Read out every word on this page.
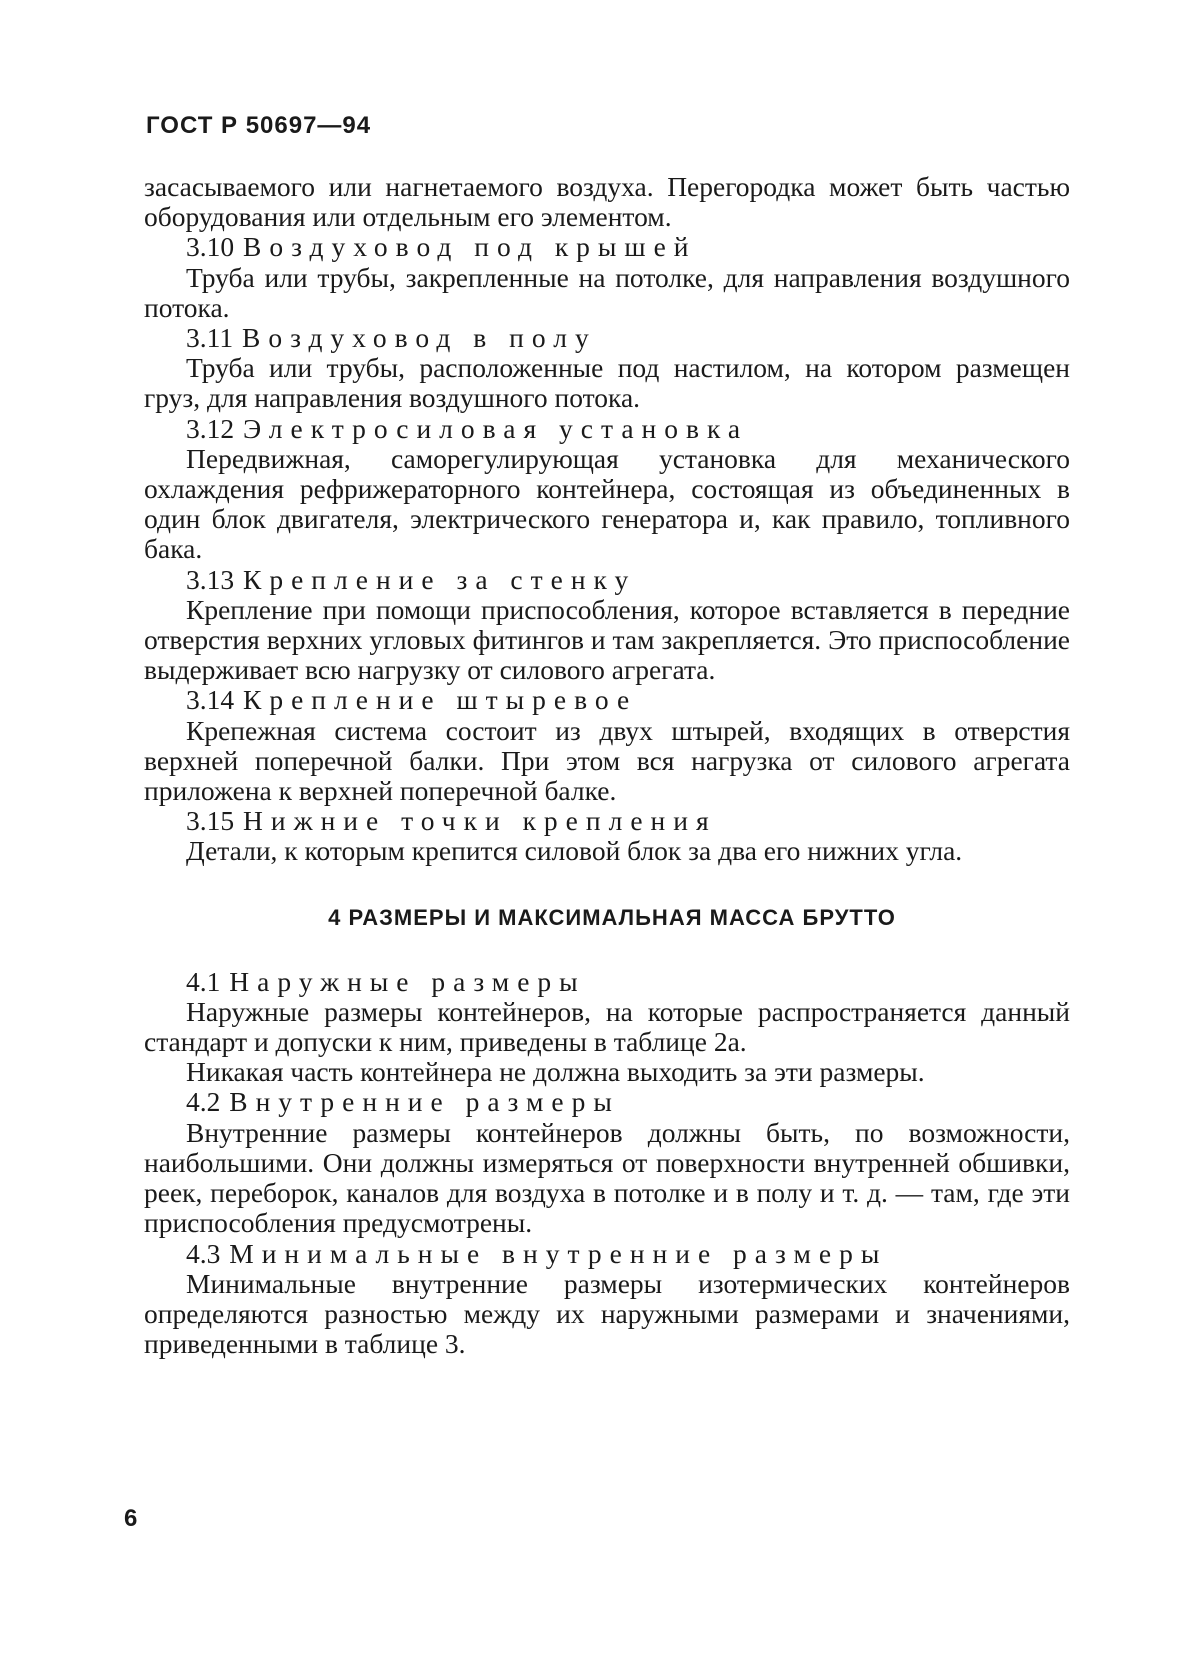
ГОСТ Р 50697—94

засасываемого или нагнетаемого воздуха. Перегородка может быть частью оборудования или отдельным его элементом.

3.10 Воздуховод под крышей

Труба или трубы, закрепленные на потолке, для направления воздушного потока.

3.11 Воздуховод в полу

Труба или трубы, расположенные под настилом, на котором размещен груз, для направления воздушного потока.

3.12 Электросиловая установка

Передвижная, саморегулирующая установка для механического охлаждения рефрижераторного контейнера, состоящая из объединенных в один блок двигателя, электрического генератора и, как правило, топливного бака.

3.13 Крепление за стенку

Крепление при помощи приспособления, которое вставляется в передние отверстия верхних угловых фитингов и там закрепляется. Это приспособление выдерживает всю нагрузку от силового агрегата.

3.14 Крепление штыревое

Крепежная система состоит из двух штырей, входящих в отверстия верхней поперечной балки. При этом вся нагрузка от силового агрегата приложена к верхней поперечной балке.

3.15 Нижние точки крепления

Детали, к которым крепится силовой блок за два его нижних угла.

4 РАЗМЕРЫ И МАКСИМАЛЬНАЯ МАССА БРУТТО

4.1 Наружные размеры

Наружные размеры контейнеров, на которые распространяется данный стандарт и допуски к ним, приведены в таблице 2а.

Никакая часть контейнера не должна выходить за эти размеры.

4.2 Внутренние размеры

Внутренние размеры контейнеров должны быть, по возможности, наибольшими. Они должны измеряться от поверхности внутренней обшивки, реек, переборок, каналов для воздуха в потолке и в полу и т. д. — там, где эти приспособления предусмотрены.

4.3 Минимальные внутренние размеры

Минимальные внутренние размеры изотермических контейнеров определяются разностью между их наружными размерами и значениями, приведенными в таблице 3.

6
